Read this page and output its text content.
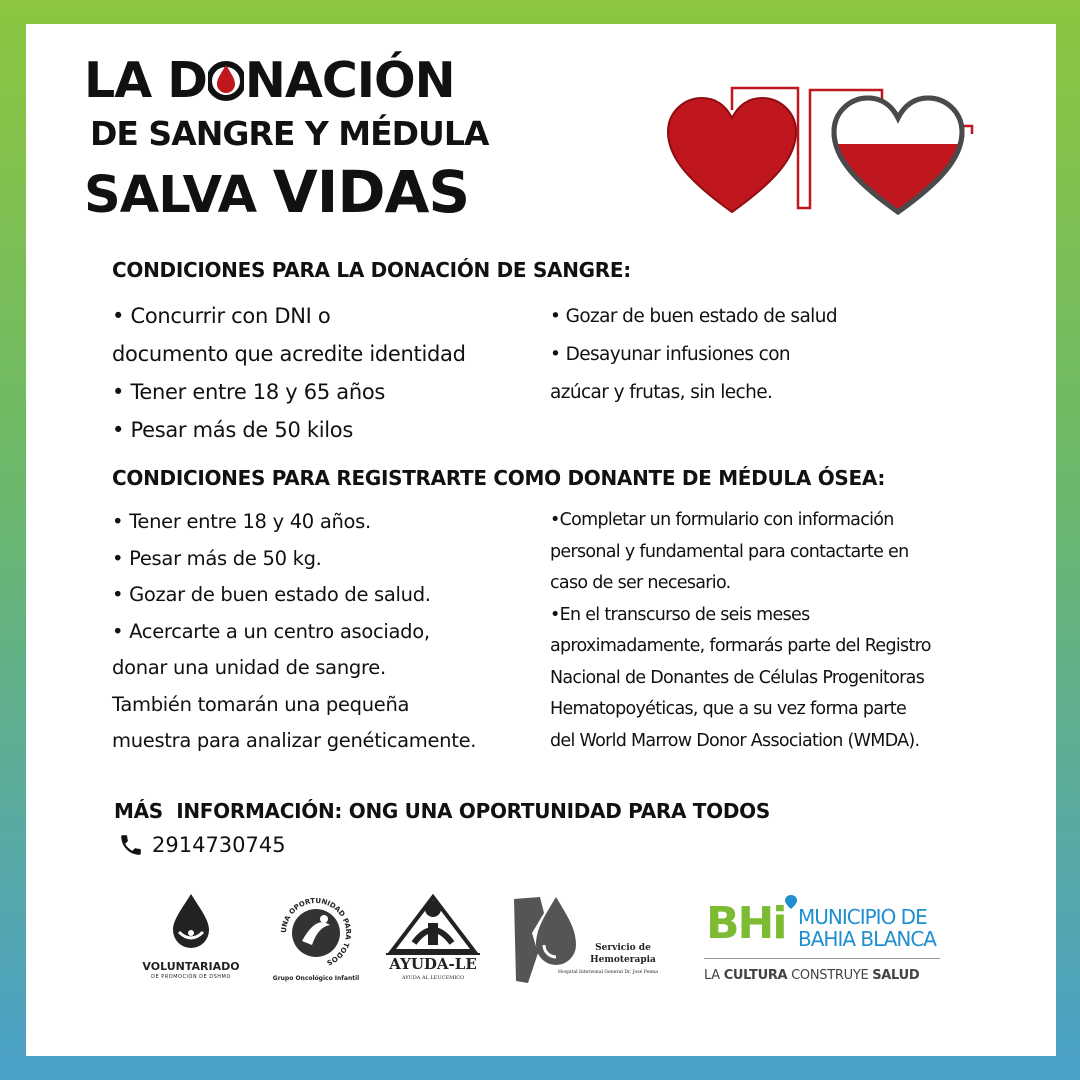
LA D NACIÓN
DE SANGRE Y MÉDULA
SALVA VIDAS
CONDICIONES PARA LA DONACIÓN DE SANGRE:
• Concurrir con DNI o
documento que acredite identidad
• Tener entre 18 y 65 años
• Pesar más de 50 kilos
• Gozar de buen estado de salud
• Desayunar infusiones con
azúcar y frutas, sin leche.
CONDICIONES PARA REGISTRARTE COMO DONANTE DE MÉDULA ÓSEA:
• Tener entre 18 y 40 años.
• Pesar más de 50 kg.
• Gozar de buen estado de salud.
• Acercarte a un centro asociado,
donar una unidad de sangre.
También tomarán una pequeña
muestra para analizar genéticamente.
•Completar un formulario con información
personal y fundamental para contactarte en
caso de ser necesario.
•En el transcurso de seis meses
aproximadamente, formarás parte del Registro
Nacional de Donantes de Células Progenitoras
Hematopoyéticas, que a su vez forma parte
del World Marrow Donor Association (WMDA).
MÁS  INFORMACIÓN: ONG UNA OPORTUNIDAD PARA TODOS
2914730745
VOLUNTARIADO
DE PROMOCIÓN DE DSHMO
UNA OPORTUNIDAD PARA TODOS
Grupo Oncológico Infantil
AYUDA-LE
AYUDA AL LEUCEMICO
Servicio de
Hemoterapia
Hospital Interzonal General Dr. José Penna
BHi MUNICIPIO DE
BAHIA BLANCA
LA CULTURA CONSTRUYE SALUD
